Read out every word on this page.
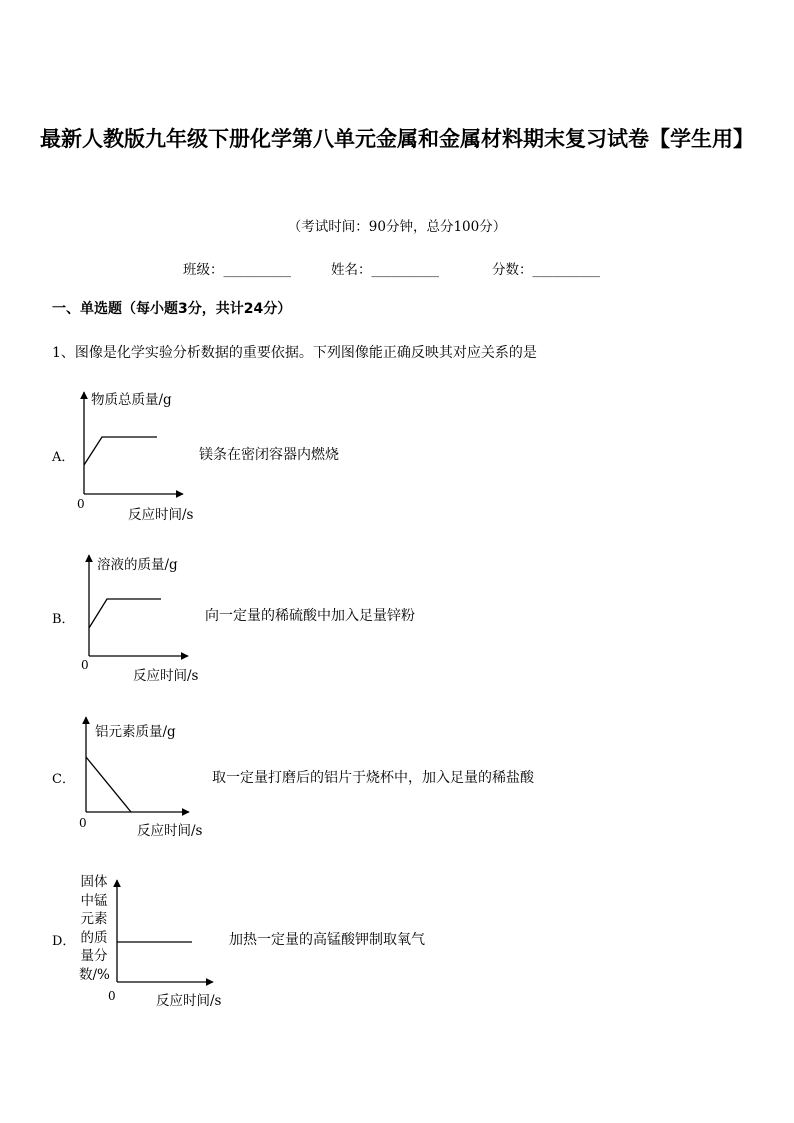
最新人教版九年级下册化学第八单元金属和金属材料期末复习试卷【学生用】
（考试时间：90分钟，总分100分）
班级：__________	姓名：__________	分数：__________
一、单选题（每小题3分，共计24分）
1、图像是化学实验分析数据的重要依据。下列图像能正确反映其对应关系的是
A．
物质总质量/g
0
反应时间/s
镁条在密闭容器内燃烧
B．
溶液的质量/g
0
反应时间/s
向一定量的稀硫酸中加入足量锌粉
C．
铝元素质量/g
0	反应时间/s
取一定量打磨后的铝片于烧杯中，加入足量的稀盐酸
D．
固体
中锰
元素
的质
量分
数/%
0	反应时间/s
加热一定量的高锰酸钾制取氧气
